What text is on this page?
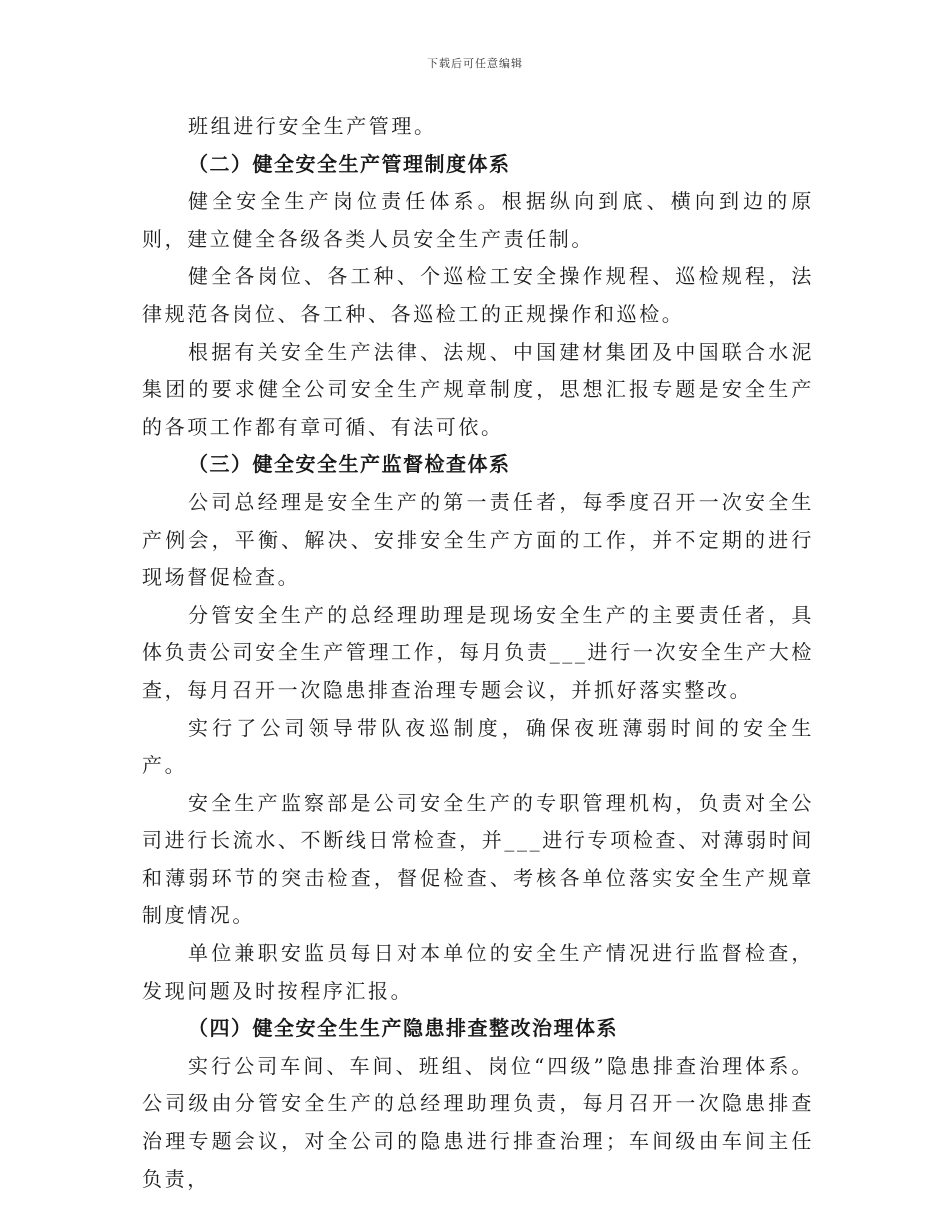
下载后可任意编辑

班组进行安全生产管理。

（二）健全安全生产管理制度体系

健全安全生产岗位责任体系。根据纵向到底、横向到边的原则，建立健全各级各类人员安全生产责任制。

健全各岗位、各工种、个巡检工安全操作规程、巡检规程，法律规范各岗位、各工种、各巡检工的正规操作和巡检。

根据有关安全生产法律、法规、中国建材集团及中国联合水泥集团的要求健全公司安全生产规章制度，思想汇报专题是安全生产的各项工作都有章可循、有法可依。

（三）健全安全生产监督检查体系

公司总经理是安全生产的第一责任者，每季度召开一次安全生产例会，平衡、解决、安排安全生产方面的工作，并不定期的进行现场督促检查。

分管安全生产的总经理助理是现场安全生产的主要责任者，具体负责公司安全生产管理工作，每月负责___进行一次安全生产大检查，每月召开一次隐患排查治理专题会议，并抓好落实整改。

实行了公司领导带队夜巡制度，确保夜班薄弱时间的安全生产。

安全生产监察部是公司安全生产的专职管理机构，负责对全公司进行长流水、不断线日常检查，并___进行专项检查、对薄弱时间和薄弱环节的突击检查，督促检查、考核各单位落实安全生产规章制度情况。

单位兼职安监员每日对本单位的安全生产情况进行监督检查，发现问题及时按程序汇报。

（四）健全安全生生产隐患排查整改治理体系

实行公司车间、车间、班组、岗位“四级”隐患排查治理体系。公司级由分管安全生产的总经理助理负责，每月召开一次隐患排查治理专题会议，对全公司的隐患进行排查治理；车间级由车间主任负责，
